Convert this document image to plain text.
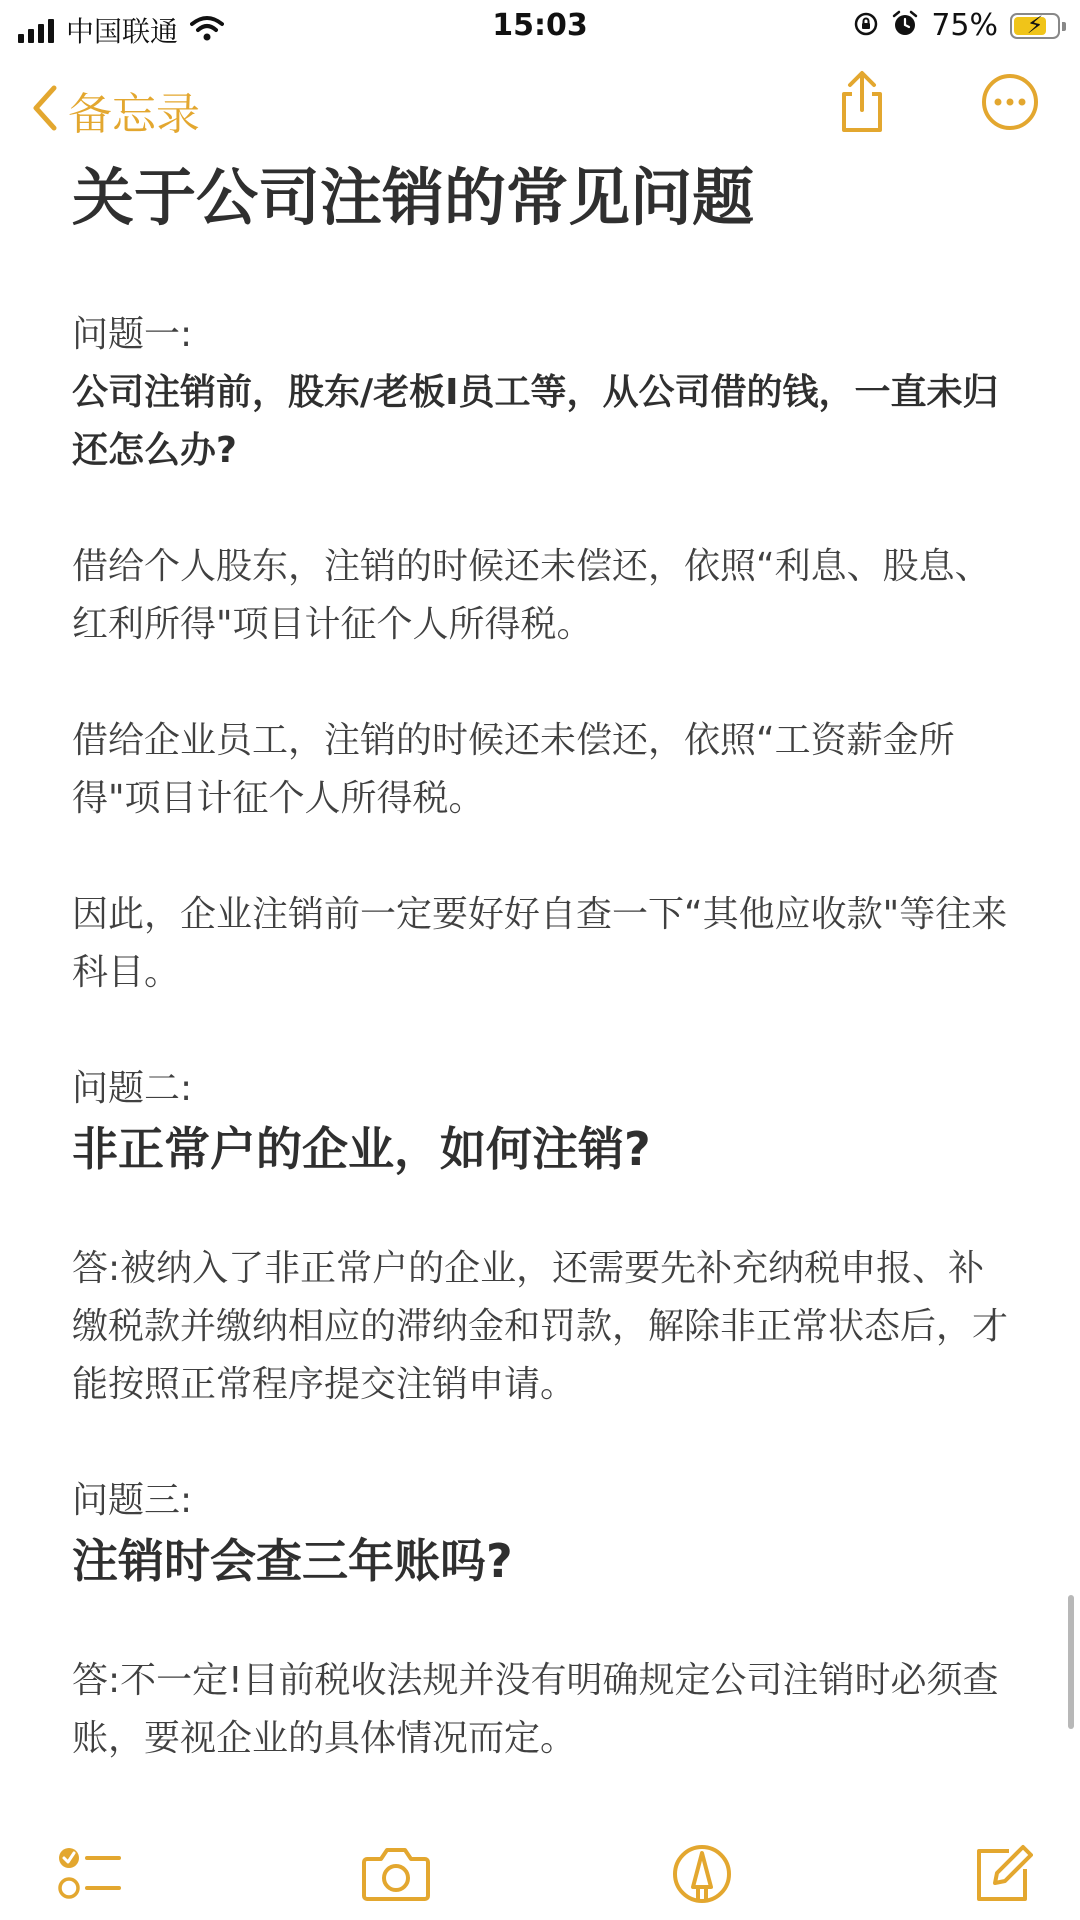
中国联通	15:03	75%	⚡
备忘录
关于公司注销的常见问题

问题一:

公司注销前，股东/老板I员工等，从公司借的钱，一直未归还怎么办?

借给个人股东，注销的时候还未偿还，依照“利息、股息、红利所得"项目计征个人所得税。

借给企业员工，注销的时候还未偿还，依照“工资薪金所得"项目计征个人所得税。

因此，企业注销前一定要好好自查一下“其他应收款"等往来科目。

问题二:

非正常户的企业，如何注销?

答:被纳入了非正常户的企业，还需要先补充纳税申报、补缴税款并缴纳相应的滞纳金和罚款，解除非正常状态后，才能按照正常程序提交注销申请。

问题三:

注销时会查三年账吗?

答:不一定!目前税收法规并没有明确规定公司注销时必须查账，要视企业的具体情况而定。
